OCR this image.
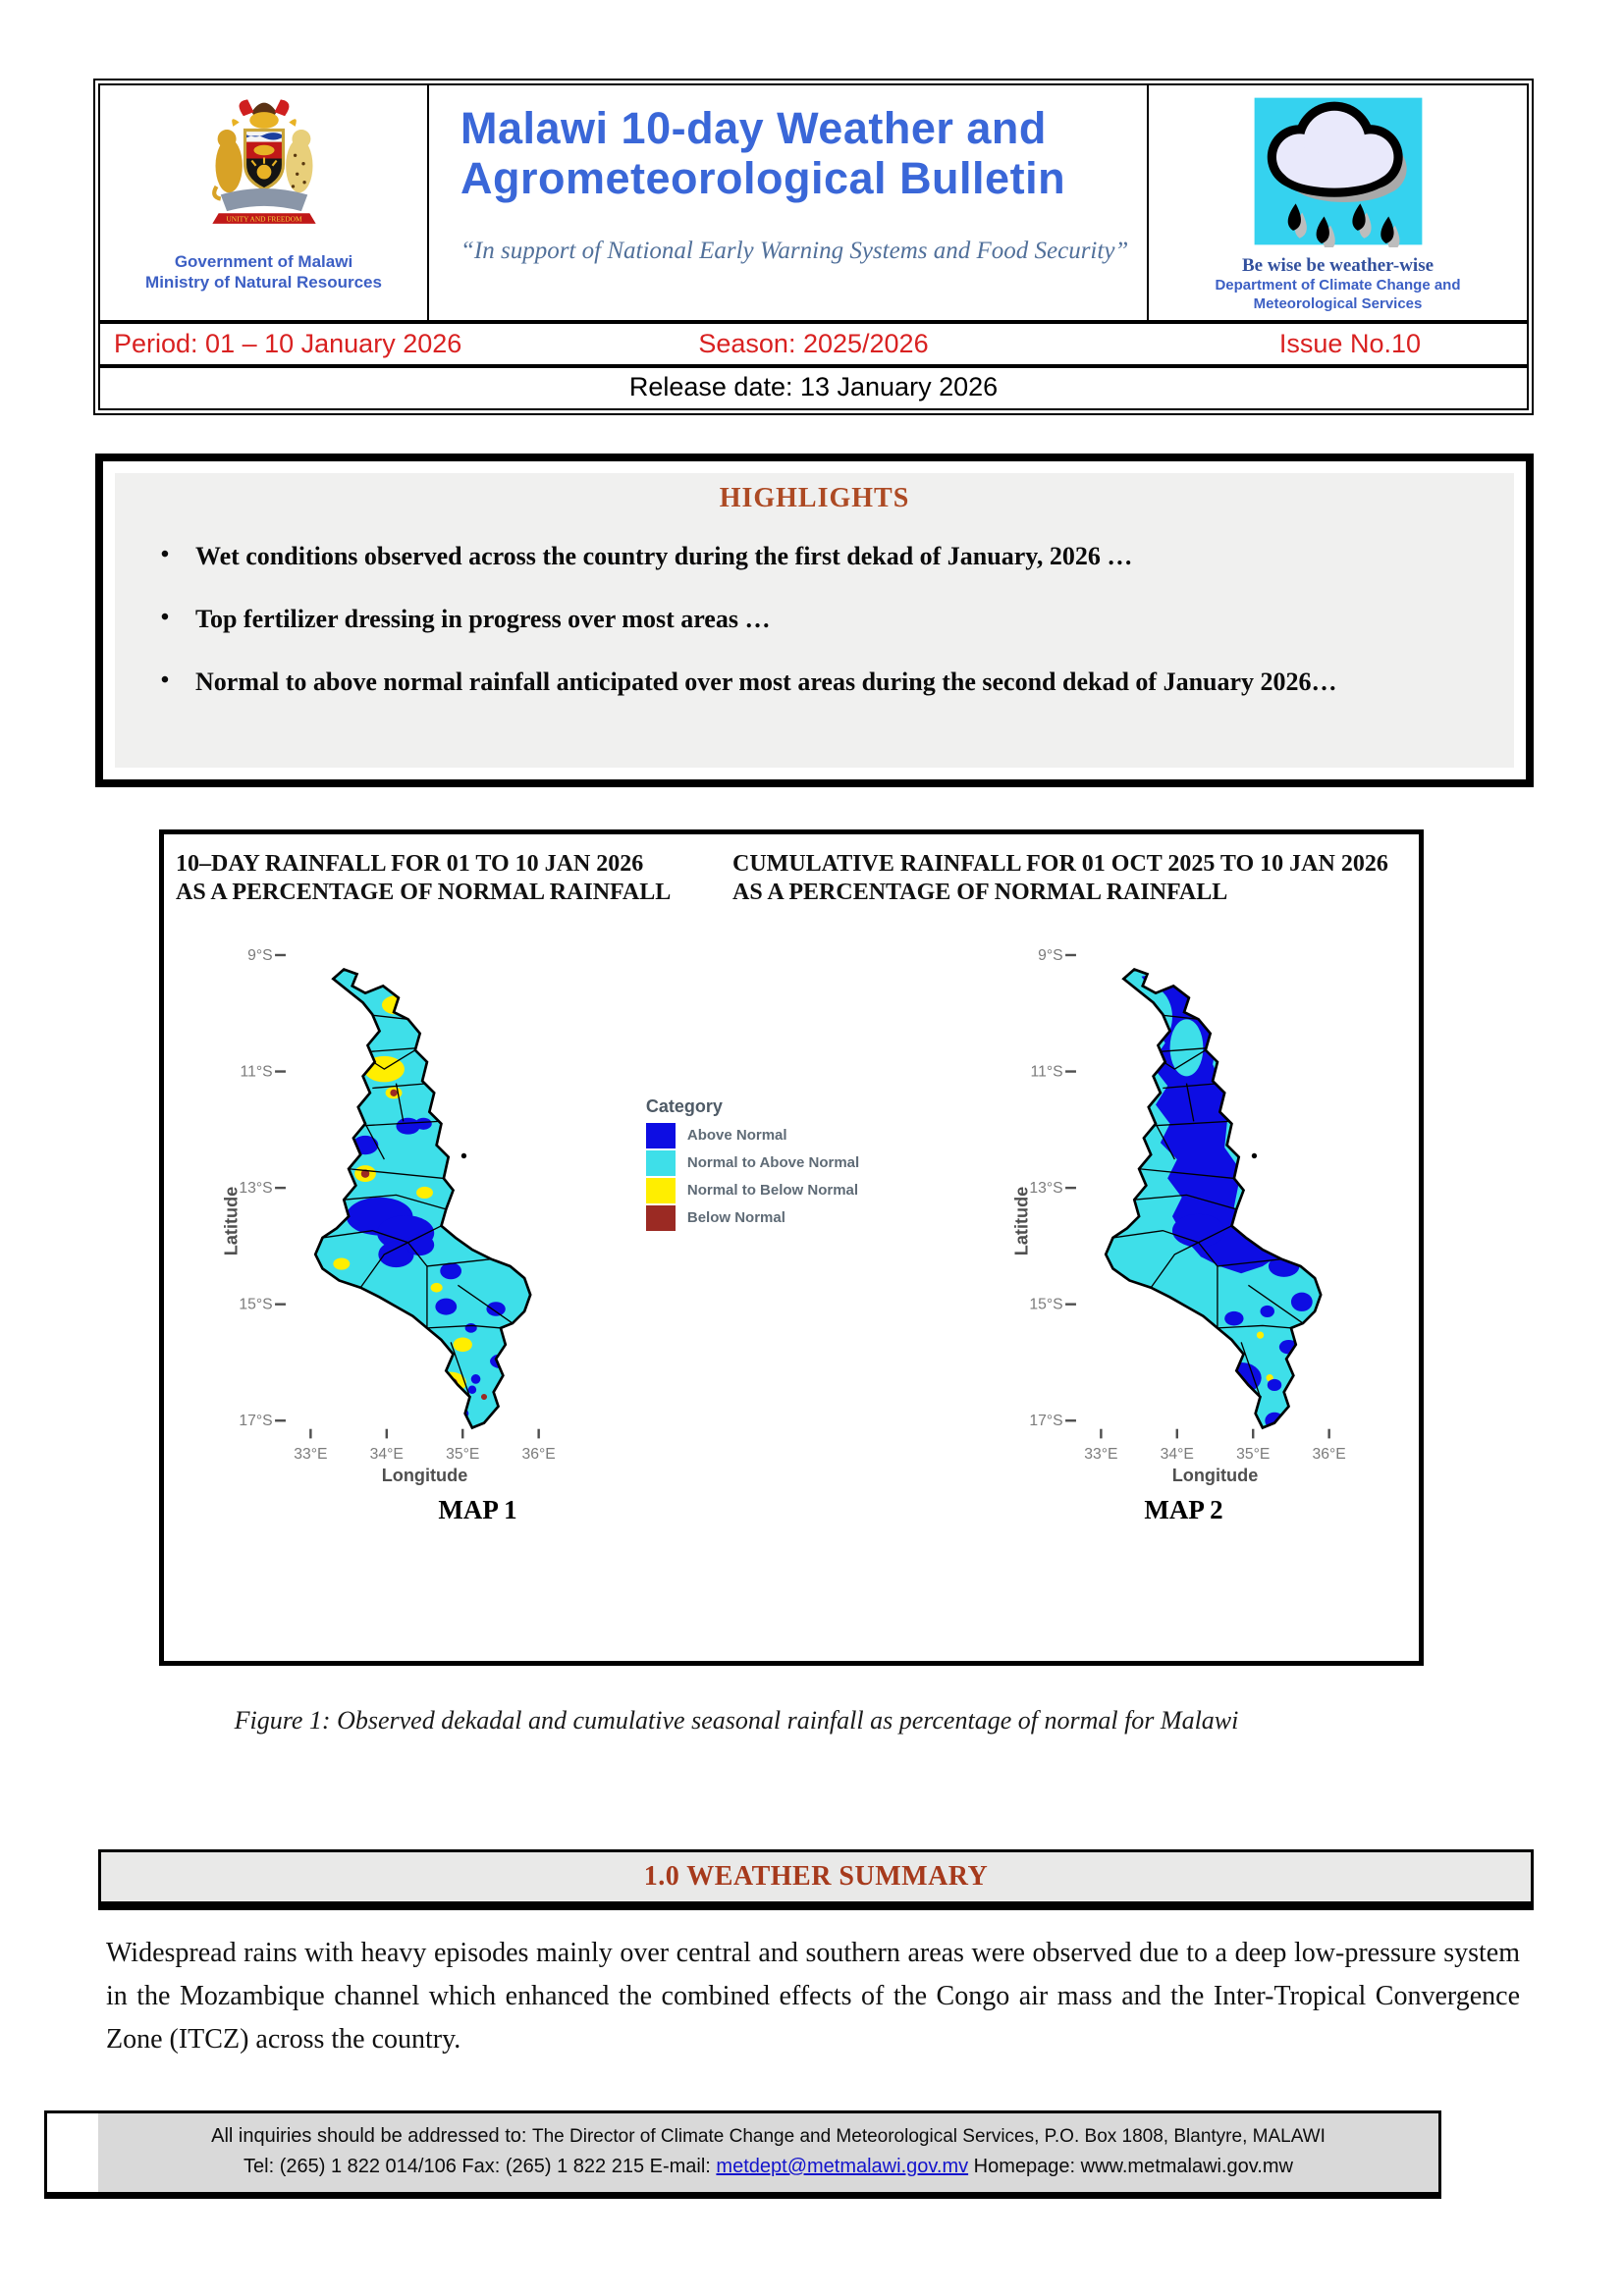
UNITY AND FREEDOM
Government of Malawi
Ministry of Natural Resources
Malawi 10-day Weather and
Agrometeorological Bulletin
“In support of National Early Warning Systems and Food Security”
Be wise be weather-wise
Department of Climate Change and
Meteorological Services
Period: 01 – 10 January 2026	Season: 2025/2026	Issue No.10
Release date: 13 January 2026
HIGHLIGHTS
•	Wet conditions observed across the country during the first dekad of January, 2026 …
•	Top fertilizer dressing in progress over most areas …
•	Normal to above normal rainfall anticipated over most areas during the second dekad of January 2026…
10–DAY RAINFALL FOR 01 TO 10 JAN 2026
AS A PERCENTAGE OF NORMAL RAINFALL
CUMULATIVE RAINFALL FOR 01 OCT 2025 TO 10 JAN 2026
AS A PERCENTAGE OF NORMAL RAINFALL
9°S
11°S
13°S
15°S
17°S
33°E	34°E	35°E	36°E
Latitude
Longitude
Category
Above Normal
Normal to Above Normal
Normal to Below Normal
Below Normal
9°S
11°S
13°S
15°S
17°S
33°E	34°E	35°E	36°E
Latitude
Longitude
MAP 1	MAP 2
Figure 1: Observed dekadal and cumulative seasonal rainfall as percentage of normal for Malawi
1.0 WEATHER SUMMARY

Widespread rains with heavy episodes mainly over central and southern areas were observed due to a deep low-pressure system in the Mozambique channel which enhanced the combined effects of the Congo air mass and the Inter-Tropical Convergence Zone (ITCZ) across the country.

All inquiries should be addressed to: The Director of Climate Change and Meteorological Services, P.O. Box 1808, Blantyre, MALAWI
Tel: (265) 1 822 014/106 Fax: (265) 1 822 215 E-mail: metdept@metmalawi.gov.mv Homepage: www.metmalawi.gov.mw
